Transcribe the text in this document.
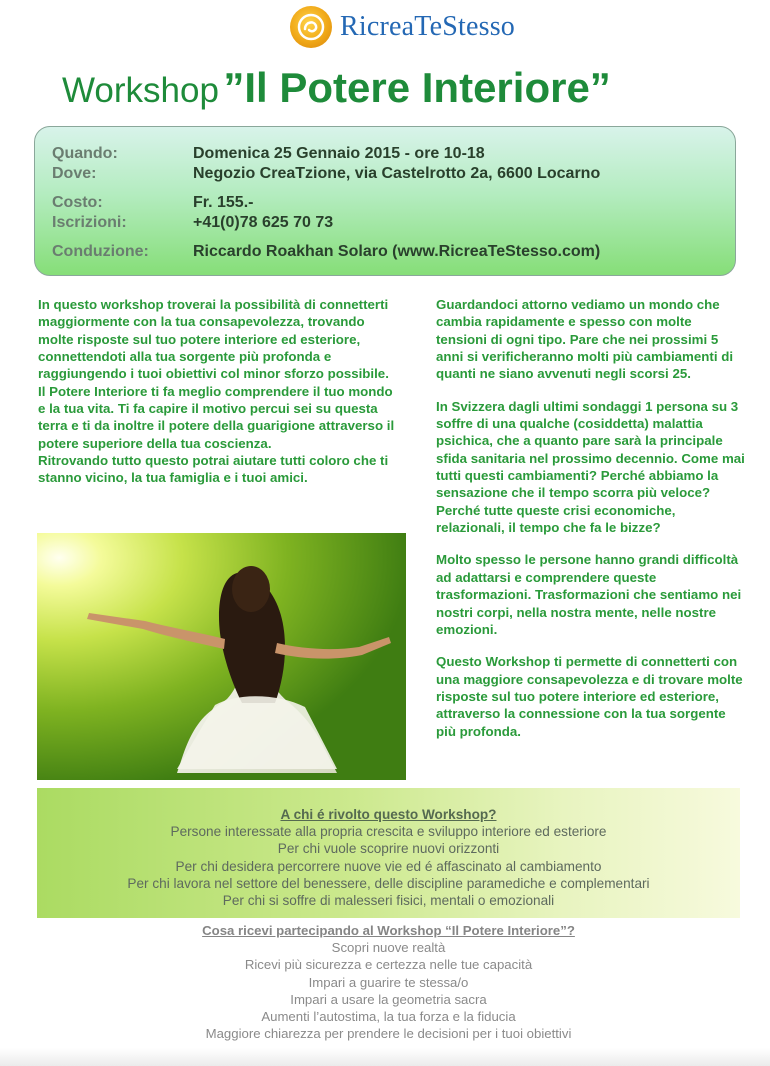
RicreaTeStesso
Workshop ”Il Potere Interiore”
Quando:	Domenica 25 Gennaio 2015 - ore 10-18
Dove:	Negozio CreaTzione, via Castelrotto 2a, 6600 Locarno
Costo:	Fr. 155.-
Iscrizioni:	+41(0)78 625 70 73
Conduzione:	Riccardo Roakhan Solaro (www.RicreaTeStesso.com)

In questo workshop troverai la possibilità di connetterti maggiormente con la tua consapevolezza, trovando molte risposte sul tuo potere interiore ed esteriore, connettendoti alla tua sorgente più profonda e raggiungendo i tuoi obiettivi col minor sforzo possibile.

Il Potere Interiore ti fa meglio comprendere il tuo mondo e la tua vita. Ti fa capire il motivo percui sei su questa terra e ti da inoltre il potere della guarigione attraverso il potere superiore della tua coscienza.

Ritrovando tutto questo potrai aiutare tutti coloro che ti stanno vicino, la tua famiglia e i tuoi amici.

Guardandoci attorno vediamo un mondo che cambia rapidamente e spesso con molte tensioni di ogni tipo. Pare che nei prossimi 5 anni si verificheranno molti più cambiamenti di quanti ne siano avvenuti negli scorsi 25.

In Svizzera dagli ultimi sondaggi 1 persona su 3 soffre di una qualche (cosiddetta) malattia psichica, che a quanto pare sarà la principale sfida sanitaria nel prossimo decennio. Come mai tutti questi cambiamenti? Perché abbiamo la sensazione che il tempo scorra più veloce? Perché tutte queste crisi economiche, relazionali, il tempo che fa le bizze?

Molto spesso le persone hanno grandi difficoltà ad adattarsi e comprendere queste trasformazioni. Trasformazioni che sentiamo nei nostri corpi, nella nostra mente, nelle nostre emozioni.

Questo Workshop ti permette di connetterti con una maggiore consapevolezza e di trovare molte risposte sul tuo potere interiore ed esteriore, attraverso la connessione con la tua sorgente più profonda.

A chi é rivolto questo Workshop?
Persone interessate alla propria crescita e sviluppo interiore ed esteriore
Per chi vuole scoprire nuovi orizzonti
Per chi desidera percorrere nuove vie ed é affascinato al cambiamento
Per chi lavora nel settore del benessere, delle discipline paramediche e complementari
Per chi si soffre di malesseri fisici, mentali o emozionali
Cosa ricevi partecipando al Workshop “Il Potere Interiore”?
Scopri nuove realtà
Ricevi più sicurezza e certezza nelle tue capacità
Impari a guarire te stessa/o
Impari a usare la geometria sacra
Aumenti l’autostima, la tua forza e la fiducia
Maggiore chiarezza per prendere le decisioni per i tuoi obiettivi
